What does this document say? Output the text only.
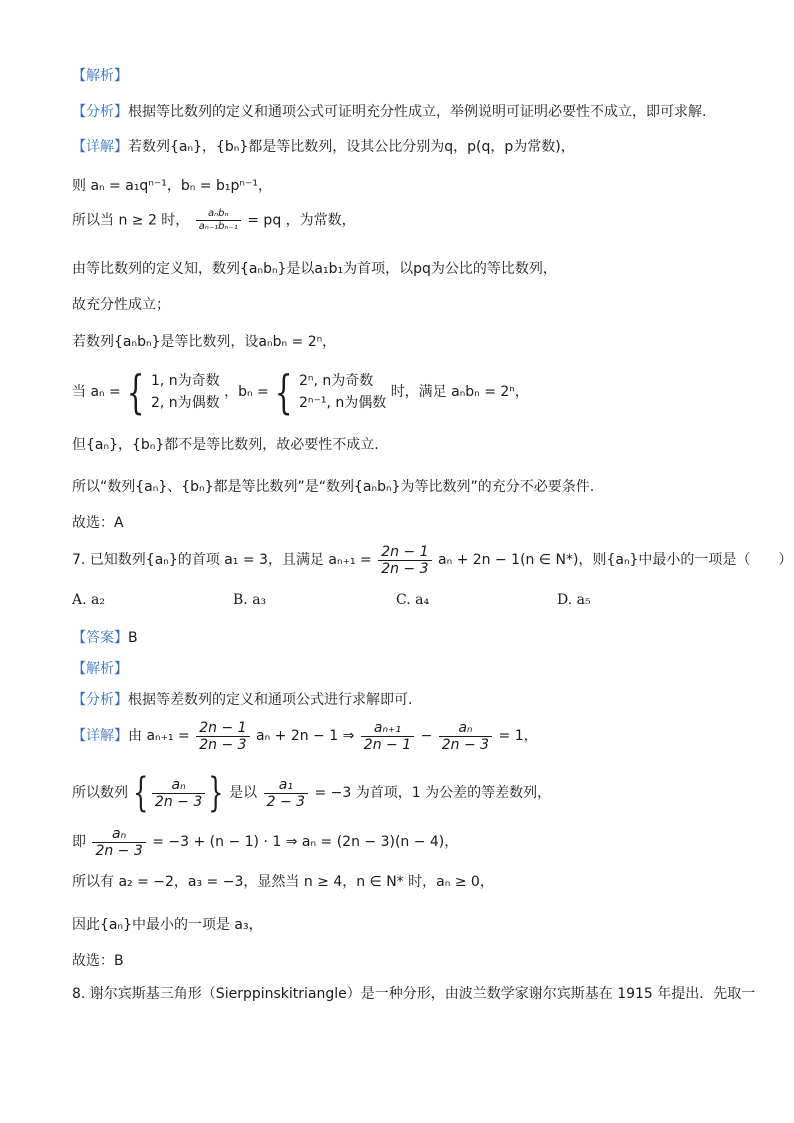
【解析】
【分析】根据等比数列的定义和通项公式可证明充分性成立，举例说明可证明必要性不成立，即可求解.
【详解】若数列{aₙ}，{bₙ}都是等比数列，设其公比分别为q，p(q，p为常数)，
则 aₙ = a₁qⁿ⁻¹，bₙ = b₁pⁿ⁻¹，
所以当 n ≥ 2 时， $\frac{\text{aₙbₙ}}{\text{aₙ₋₁bₙ₋₁}}$ = pq ，为常数，
由等比数列的定义知，数列{aₙbₙ}是以a₁b₁为首项，以pq为公比的等比数列，
故充分性成立；
若数列{aₙbₙ}是等比数列，设aₙbₙ = 2ⁿ，
当 aₙ = { 1, n为奇数
2, n为偶数
，bₙ = { 2ⁿ, n为奇数
2ⁿ⁻¹, n为偶数
时，满足 aₙbₙ = 2ⁿ，
但{aₙ}，{bₙ}都不是等比数列，故必要性不成立.
所以“数列{aₙ}、{bₙ}都是等比数列”是“数列{aₙbₙ}为等比数列”的充分不必要条件.
故选：A
7. 已知数列{aₙ}的首项 a₁ = 3，且满足 $a_{n+1} = \frac{2n - 1}{2n - 3}$ aₙ + 2n − 1(n ∈ N*)，则{aₙ}中最小的一项是（　　）
A. a₂	B. a₃	C. a₄	D. a₅
【答案】B
【解析】
【分析】根据等差数列的定义和通项公式进行求解即可.
【详解】由 $a_{n+1} = \frac{2n - 1}{2n - 3}$ aₙ + 2n − 1 ⇒ $\frac{\text{aₙ₊₁}}{2n - 1} - \frac{\text{aₙ}}{2n - 3} = 1$，
所以数列 { $\frac{\text{aₙ}}{2n - 3}$ } 是以 $\frac{\text{a₁}}{2 - 3} = -3$ 为首项，1 为公差的等差数列，
即 $\frac{\text{aₙ}}{2n - 3} = -3 + (n - 1) \cdot 1$ ⇒ aₙ = (2n − 3)(n − 4)，
所以有 a₂ = −2，a₃ = −3，显然当 n ≥ 4，n ∈ N* 时，aₙ ≥ 0，
因此{aₙ}中最小的一项是 a₃，
故选：B
8. 谢尔宾斯基三角形（Sierppinskitriangle）是一种分形，由波兰数学家谢尔宾斯基在 1915 年提出．先取一
